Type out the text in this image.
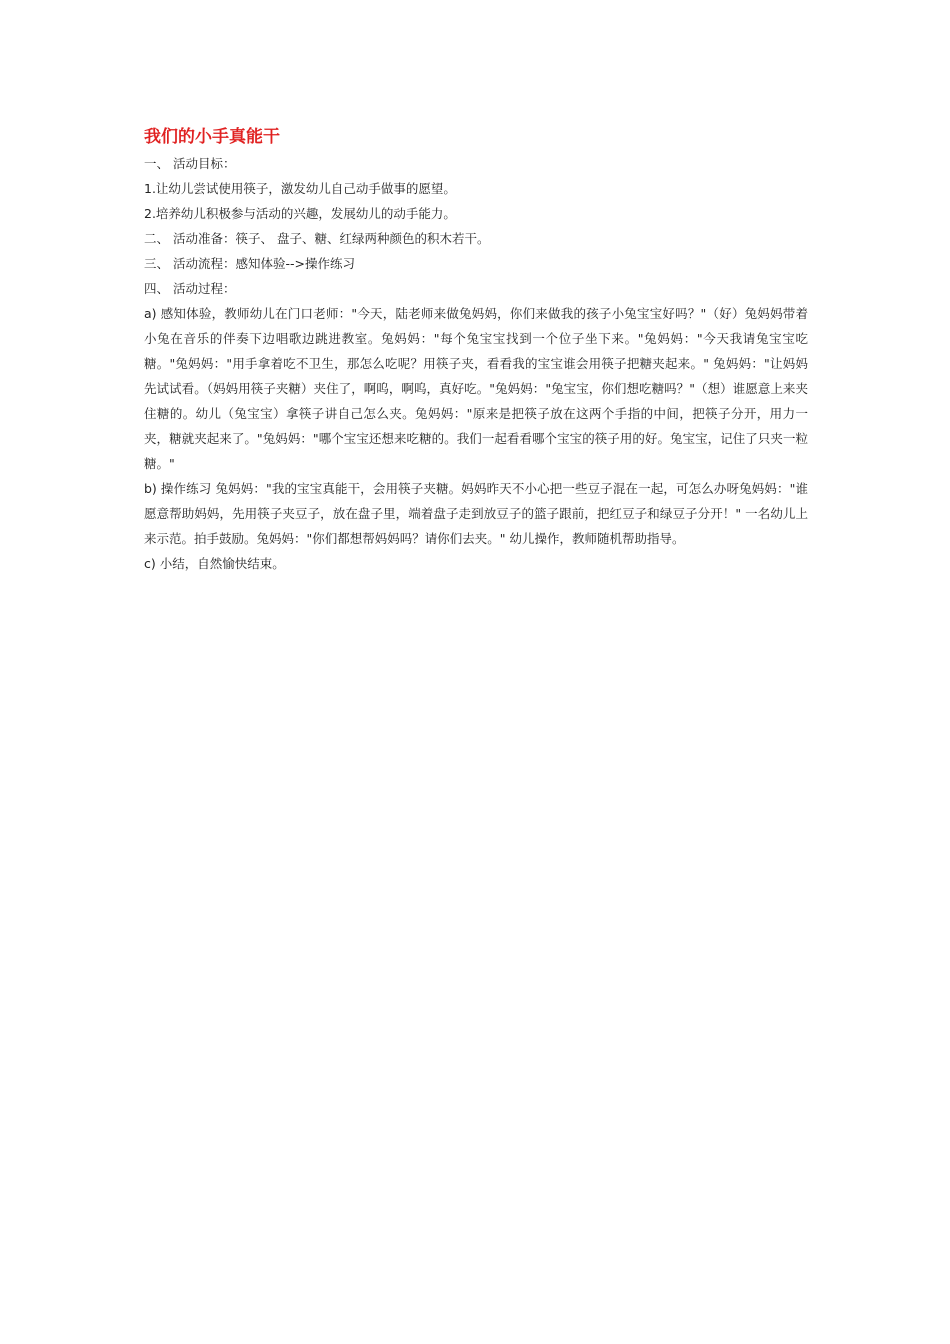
我们的小手真能干

一、 活动目标：

1.让幼儿尝试使用筷子，激发幼儿自己动手做事的愿望。

2.培养幼儿积极参与活动的兴趣，发展幼儿的动手能力。

二、 活动准备：筷子、 盘子、糖、红绿两种颜色的积木若干。

三、 活动流程：感知体验-->操作练习

四、 活动过程：

a) 感知体验，教师幼儿在门口老师："今天，陆老师来做兔妈妈，你们来做我的孩子小兔宝宝好吗？"（好）兔妈妈带着小兔在音乐的伴奏下边唱歌边跳进教室。兔妈妈："每个兔宝宝找到一个位子坐下来。"兔妈妈："今天我请兔宝宝吃糖。"兔妈妈："用手拿着吃不卫生，那怎么吃呢？用筷子夹，看看我的宝宝谁会用筷子把糖夹起来。" 兔妈妈："让妈妈先试试看。（妈妈用筷子夹糖）夹住了，啊呜，啊呜，真好吃。"兔妈妈："兔宝宝，你们想吃糖吗？"（想）谁愿意上来夹住糖的。幼儿（兔宝宝）拿筷子讲自己怎么夹。兔妈妈："原来是把筷子放在这两个手指的中间，把筷子分开，用力一夹，糖就夹起来了。"兔妈妈："哪个宝宝还想来吃糖的。我们一起看看哪个宝宝的筷子用的好。兔宝宝，记住了只夹一粒糖。"

b) 操作练习 兔妈妈："我的宝宝真能干，会用筷子夹糖。妈妈昨天不小心把一些豆子混在一起，可怎么办呀兔妈妈："谁愿意帮助妈妈，先用筷子夹豆子，放在盘子里，端着盘子走到放豆子的篮子跟前，把红豆子和绿豆子分开！" 一名幼儿上来示范。拍手鼓励。兔妈妈："你们都想帮妈妈吗？请你们去夹。" 幼儿操作，教师随机帮助指导。

c) 小结，自然愉快结束。
